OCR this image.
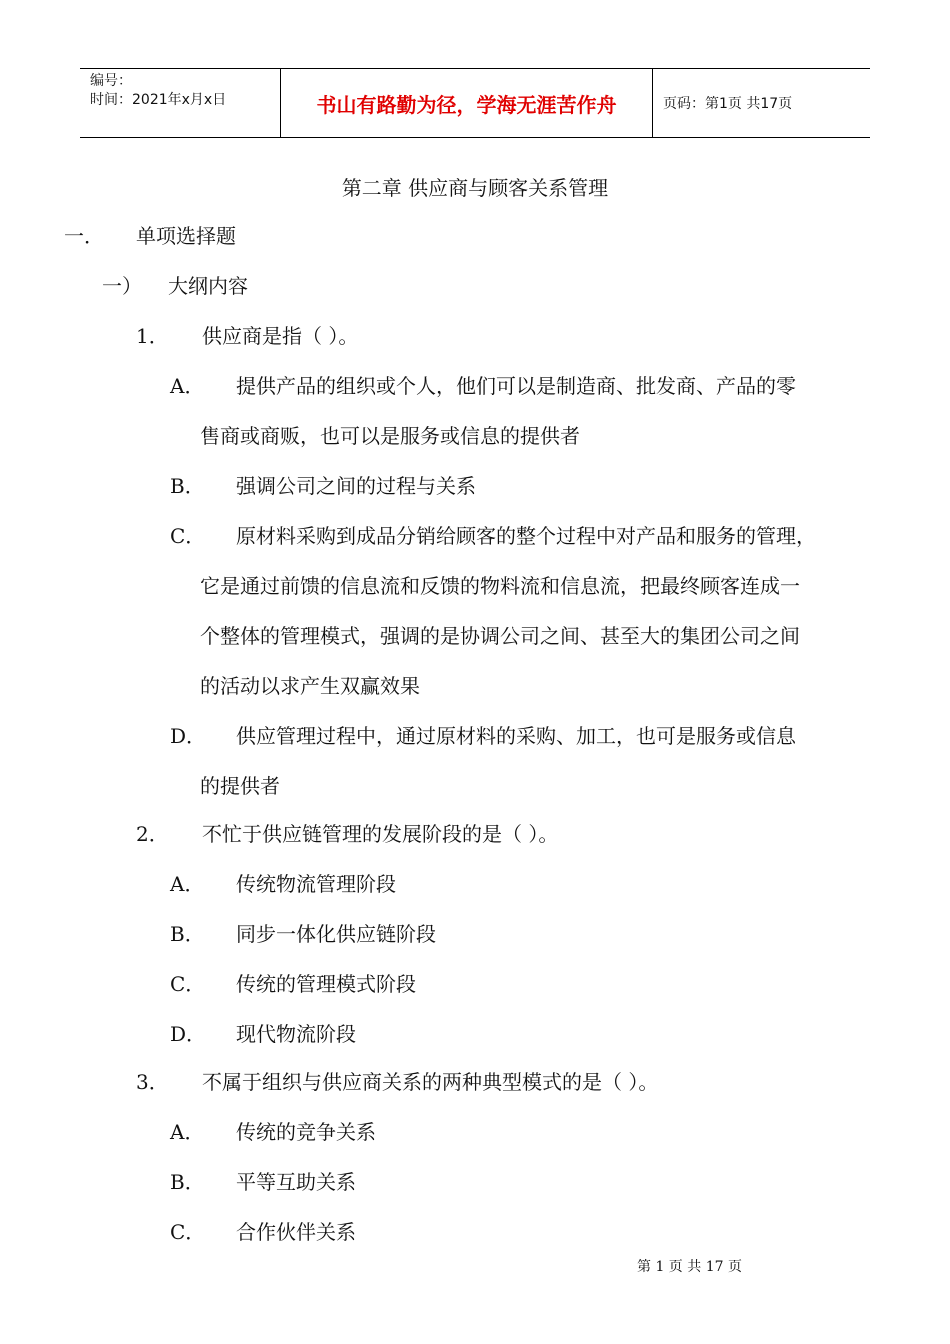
编号：
时间：2021年x月x日	书山有路勤为径，学海无涯苦作舟	页码：第1页 共17页
第二章 供应商与顾客关系管理
一． 单项选择题
一） 大纲内容
1． 供应商是指（ ）。
A． 提供产品的组织或个人，他们可以是制造商、批发商、产品的零
售商或商贩，也可以是服务或信息的提供者
B． 强调公司之间的过程与关系
C． 原材料采购到成品分销给顾客的整个过程中对产品和服务的管理，
它是通过前馈的信息流和反馈的物料流和信息流，把最终顾客连成一
个整体的管理模式，强调的是协调公司之间、甚至大的集团公司之间
的活动以求产生双赢效果
D． 供应管理过程中，通过原材料的采购、加工，也可是服务或信息
的提供者
2． 不忙于供应链管理的发展阶段的是（ ）。
A． 传统物流管理阶段
B． 同步一体化供应链阶段
C． 传统的管理模式阶段
D． 现代物流阶段
3． 不属于组织与供应商关系的两种典型模式的是（ ）。
A． 传统的竞争关系
B． 平等互助关系
C． 合作伙伴关系
第 1 页 共 17 页
